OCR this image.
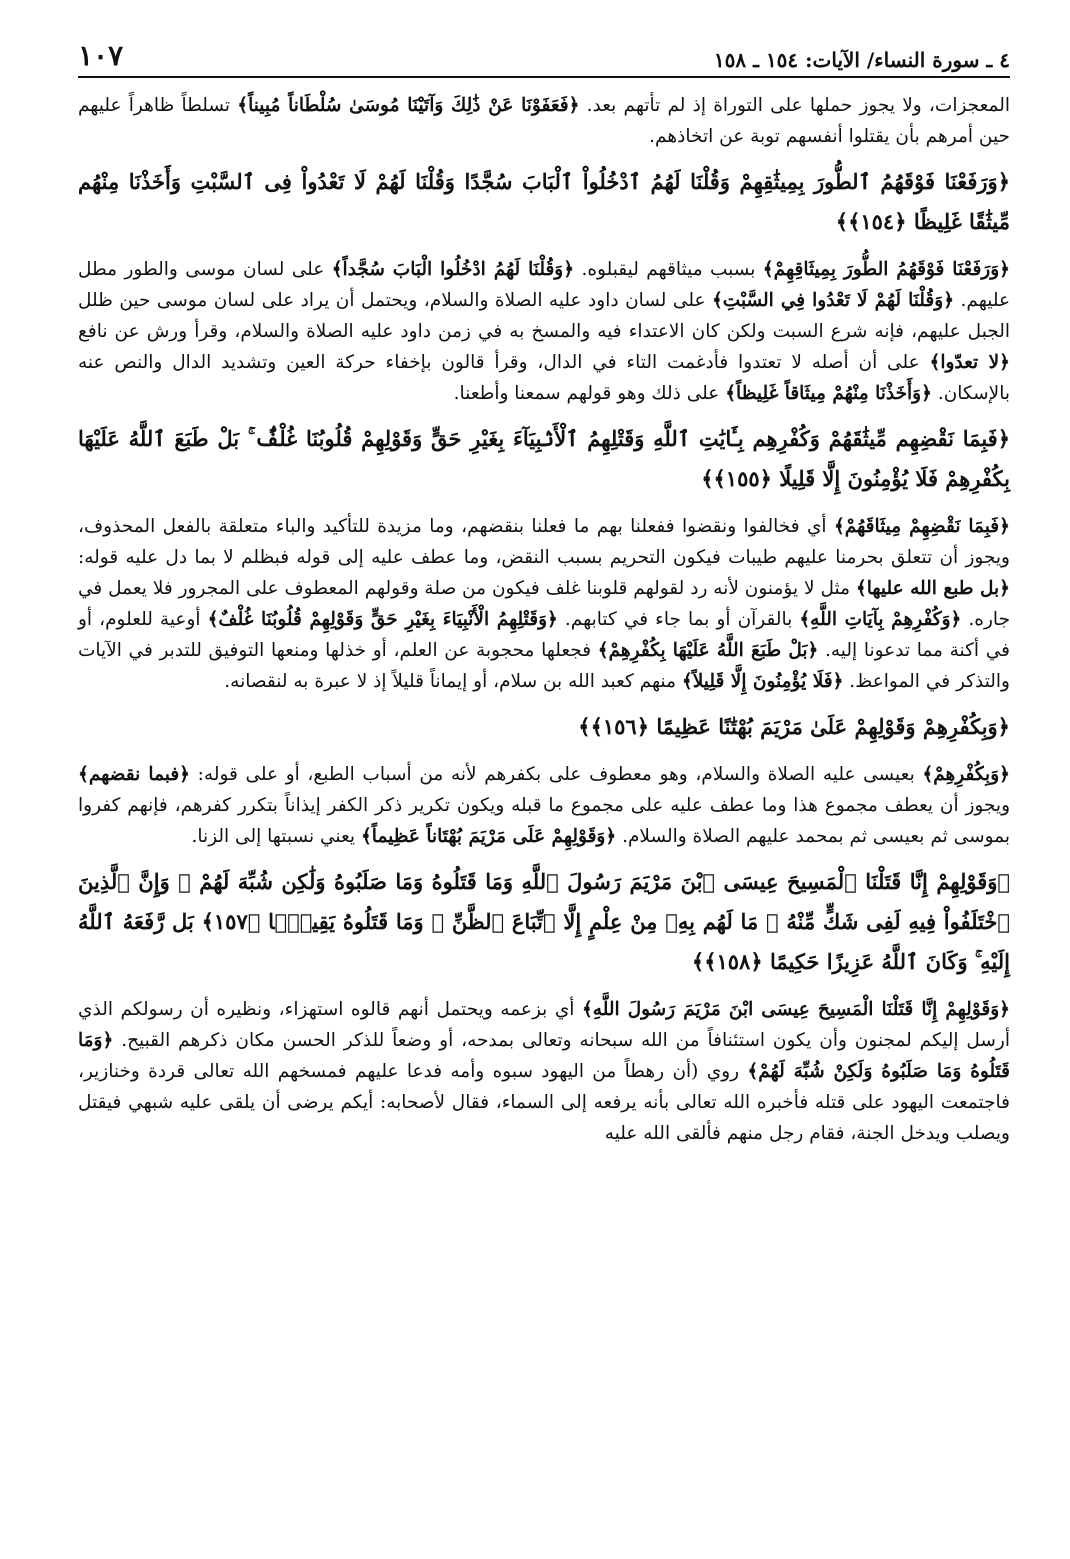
٤ ـ سورة النساء/ الآيات: ١٥٤ ـ ١٥٨
١٠٧

المعجزات، ولا يجوز حملها على التوراة إذ لم تأتهم بعد. ﴿فَعَفَوْنَا عَنْ ذَٰلِكَ وَآتَيْنَا مُوسَىٰ سُلْطَاناً مُبِيناً﴾ تسلطاً ظاهراً عليهم حين أمرهم بأن يقتلوا أنفسهم توبة عن اتخاذهم.

﴿وَرَفَعْنَا فَوْقَهُمُ ٱلطُّورَ بِمِيثَٰقِهِمْ وَقُلْنَا لَهُمُ ٱدْخُلُواْ ٱلْبَابَ سُجَّدًا وَقُلْنَا لَهُمْ لَا تَعْدُواْ فِى ٱلسَّبْتِ وَأَخَذْنَا مِنْهُم مِّيثَٰقًا غَلِيظًا ﴿١٥٤﴾﴾

﴿وَرَفَعْنَا فَوْقَهُمُ الطُّورَ بِمِيثَاقِهِمْ﴾ بسبب ميثاقهم ليقبلوه. ﴿وَقُلْنَا لَهُمُ ادْخُلُوا الْبَابَ سُجَّداً﴾ على لسان موسى والطور مطل عليهم. ﴿وَقُلْنَا لَهُمْ لَا تَعْدُوا فِي السَّبْتِ﴾ على لسان داود عليه الصلاة والسلام، ويحتمل أن يراد على لسان موسى حين ظلل الجبل عليهم، فإنه شرع السبت ولكن كان الاعتداء فيه والمسخ به في زمن داود عليه الصلاة والسلام، وقرأ ورش عن نافع ﴿لا تعدّوا﴾ على أن أصله لا تعتدوا فأدغمت التاء في الدال، وقرأ قالون بإخفاء حركة العين وتشديد الدال والنص عنه بالإسكان. ﴿وَأَخَذْنَا مِنْهُمْ مِيثَاقاً غَلِيظاً﴾ على ذلك وهو قولهم سمعنا وأطعنا.

﴿فَبِمَا نَقْضِهِم مِّيثَٰقَهُمْ وَكُفْرِهِم بِـَٔايَٰتِ ٱللَّهِ وَقَتْلِهِمُ ٱلْأَنۢبِيَآءَ بِغَيْرِ حَقٍّ وَقَوْلِهِمْ قُلُوبُنَا غُلْفٌۢ ۚ بَلْ طَبَعَ ٱللَّهُ عَلَيْهَا بِكُفْرِهِمْ فَلَا يُؤْمِنُونَ إِلَّا قَلِيلًا ﴿١٥٥﴾﴾

﴿فَبِمَا نَقْضِهِمْ مِيثَاقَهُمْ﴾ أي فخالفوا ونقضوا ففعلنا بهم ما فعلنا بنقضهم، وما مزيدة للتأكيد والباء متعلقة بالفعل المحذوف، ويجوز أن تتعلق بحرمنا عليهم طيبات فيكون التحريم بسبب النقض، وما عطف عليه إلى قوله فبظلم لا بما دل عليه قوله: ﴿بل طبع الله عليها﴾ مثل لا يؤمنون لأنه رد لقولهم قلوبنا غلف فيكون من صلة وقولهم المعطوف على المجرور فلا يعمل في جاره. ﴿وَكُفْرِهِمْ بِآيَاتِ اللَّهِ﴾ بالقرآن أو بما جاء في كتابهم. ﴿وَقَتْلِهِمُ الْأَنْبِيَاءَ بِغَيْرِ حَقٍّ وَقَوْلِهِمْ قُلُوبُنَا غُلْفٌ﴾ أوعية للعلوم، أو في أكنة مما تدعونا إليه. ﴿بَلْ طَبَعَ اللَّهُ عَلَيْهَا بِكُفْرِهِمْ﴾ فجعلها محجوبة عن العلم، أو خذلها ومنعها التوفيق للتدبر في الآيات والتذكر في المواعظ. ﴿فَلَا يُؤْمِنُونَ إِلَّا قَلِيلاً﴾ منهم كعبد الله بن سلام، أو إيماناً قليلاً إذ لا عبرة به لنقصانه.

﴿وَبِكُفْرِهِمْ وَقَوْلِهِمْ عَلَىٰ مَرْيَمَ بُهْتَٰنًا عَظِيمًا ﴿١٥٦﴾﴾

﴿وَبِكُفْرِهِمْ﴾ بعيسى عليه الصلاة والسلام، وهو معطوف على بكفرهم لأنه من أسباب الطبع، أو على قوله: ﴿فبما نقضهم﴾ ويجوز أن يعطف مجموع هذا وما عطف عليه على مجموع ما قبله ويكون تكرير ذكر الكفر إيذاناً بتكرر كفرهم، فإنهم كفروا بموسى ثم بعيسى ثم بمحمد عليهم الصلاة والسلام. ﴿وَقَوْلِهِمْ عَلَى مَرْيَمَ بُهْتَاناً عَظِيماً﴾ يعني نسبتها إلى الزنا.

﴿وَقَوْلِهِمْ إِنَّا قَتَلْنَا ٱلْمَسِيحَ عِيسَى ٱبْنَ مَرْيَمَ رَسُولَ ٱللَّهِ وَمَا قَتَلُوهُ وَمَا صَلَبُوهُ وَلَٰكِن شُبِّهَ لَهُمْ ۚ وَإِنَّ ٱلَّذِينَ ٱخْتَلَفُواْ فِيهِ لَفِى شَكٍّ مِّنْهُ ۚ مَا لَهُم بِهِۦ مِنْ عِلْمٍ إِلَّا ٱتِّبَاعَ ٱلظَّنِّ ۚ وَمَا قَتَلُوهُ يَقِينًۢا ﴿١٥٧﴾ بَل رَّفَعَهُ ٱللَّهُ إِلَيْهِ ۚ وَكَانَ ٱللَّهُ عَزِيزًا حَكِيمًا ﴿١٥٨﴾﴾

﴿وَقَوْلِهِمْ إِنَّا قَتَلْنَا الْمَسِيحَ عِيسَى ابْنَ مَرْيَمَ رَسُولَ اللَّهِ﴾ أي بزعمه ويحتمل أنهم قالوه استهزاء، ونظيره أن رسولكم الذي أرسل إليكم لمجنون وأن يكون استئنافاً من الله سبحانه وتعالى بمدحه، أو وضعاً للذكر الحسن مكان ذكرهم القبيح. ﴿وَمَا قَتَلُوهُ وَمَا صَلَبُوهُ وَلَكِنْ شُبِّهَ لَهُمْ﴾ روي (أن رهطاً من اليهود سبوه وأمه فدعا عليهم فمسخهم الله تعالى قردة وخنازير، فاجتمعت اليهود على قتله فأخبره الله تعالى بأنه يرفعه إلى السماء، فقال لأصحابه: أيكم يرضى أن يلقى عليه شبهي فيقتل ويصلب ويدخل الجنة، فقام رجل منهم فألقى الله عليه
